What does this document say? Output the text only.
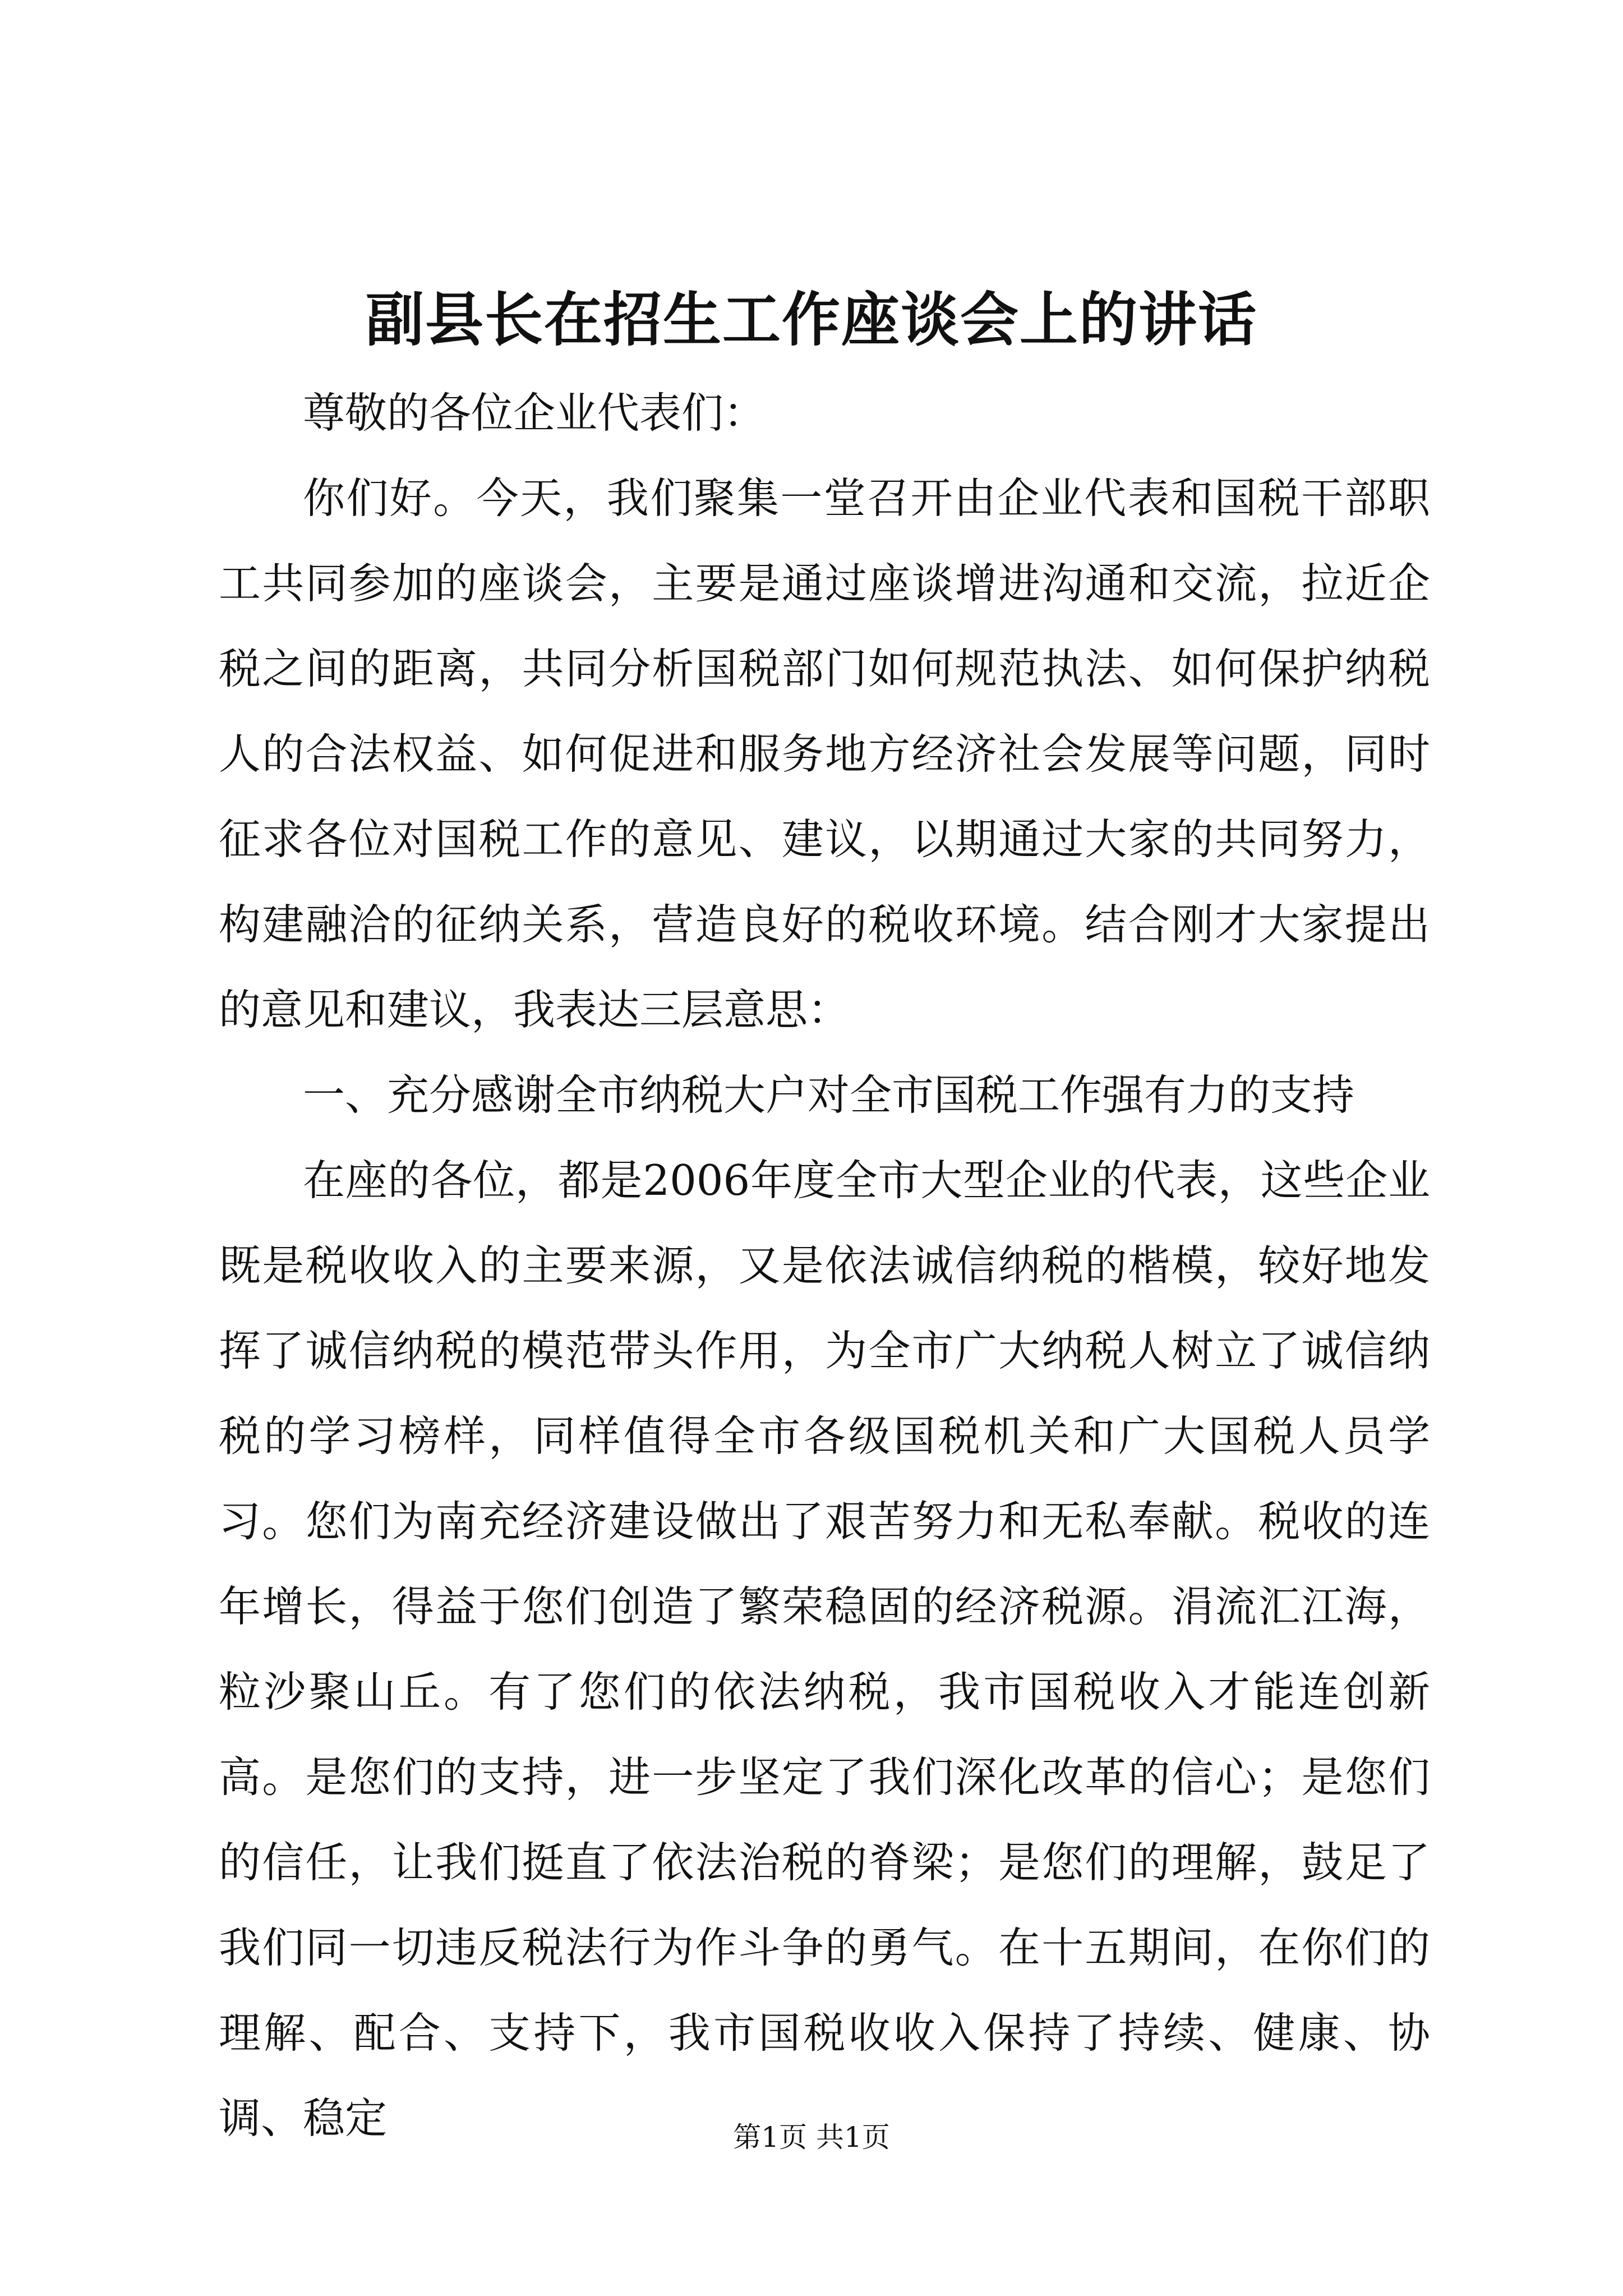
副县长在招生工作座谈会上的讲话

尊敬的各位企业代表们：

你们好。今天，我们聚集一堂召开由企业代表和国税干部职工共同参加的座谈会，主要是通过座谈增进沟通和交流，拉近企税之间的距离，共同分析国税部门如何规范执法、如何保护纳税人的合法权益、如何促进和服务地方经济社会发展等问题，同时征求各位对国税工作的意见、建议，以期通过大家的共同努力，构建融洽的征纳关系，营造良好的税收环境。结合刚才大家提出的意见和建议，我表达三层意思：

一、充分感谢全市纳税大户对全市国税工作强有力的支持

在座的各位，都是2006年度全市大型企业的代表，这些企业既是税收收入的主要来源，又是依法诚信纳税的楷模，较好地发挥了诚信纳税的模范带头作用，为全市广大纳税人树立了诚信纳税的学习榜样，同样值得全市各级国税机关和广大国税人员学习。您们为南充经济建设做出了艰苦努力和无私奉献。税收的连年增长，得益于您们创造了繁荣稳固的经济税源。涓流汇江海，粒沙聚山丘。有了您们的依法纳税，我市国税收入才能连创新高。是您们的支持，进一步坚定了我们深化改革的信心；是您们的信任，让我们挺直了依法治税的脊梁；是您们的理解，鼓足了我们同一切违反税法行为作斗争的勇气。在十五期间，在你们的理解、配合、支持下，我市国税收收入保持了持续、健康、协调、稳定	第1页 共1页
